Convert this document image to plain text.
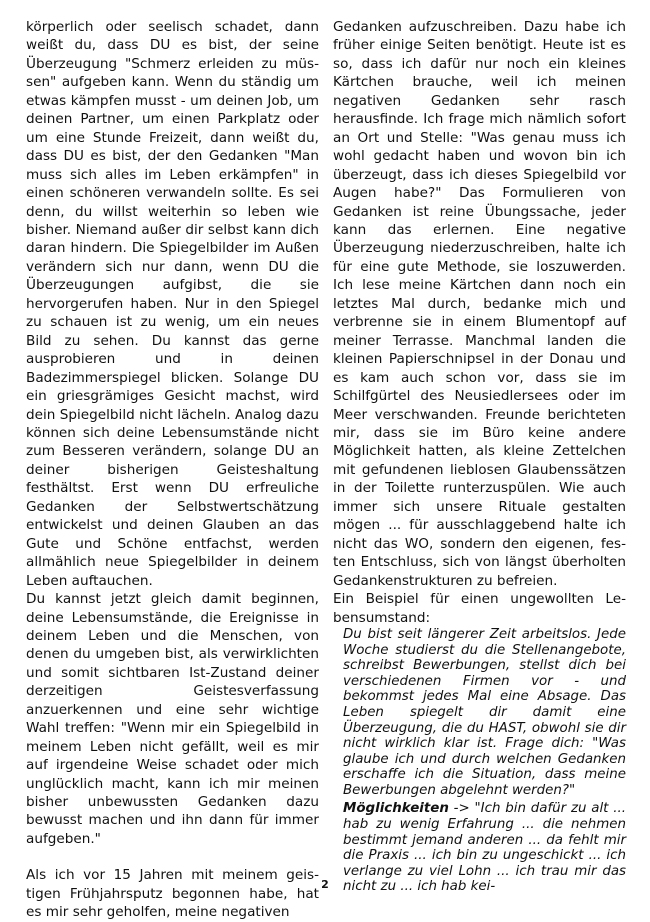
körperlich oder seelisch schadet, dann weißt du, dass DU es bist, der seine Überzeugung "Schmerz erleiden zu müssen" aufgeben kann. Wenn du ständig um etwas kämpfen musst - um deinen Job, um deinen Partner, um einen Parkplatz oder um eine Stunde Freizeit, dann weißt du, dass DU es bist, der den Gedanken "Man muss sich alles im Leben erkämpfen" in einen schöneren verwandeln sollte. Es sei denn, du willst weiterhin so leben wie bisher. Niemand außer dir selbst kann dich daran hindern. Die Spiegelbilder im Außen verändern sich nur dann, wenn DU die Überzeugungen aufgibst, die sie hervorgerufen haben. Nur in den Spiegel zu schauen ist zu wenig, um ein neues Bild zu sehen. Du kannst das gerne ausprobieren und in deinen Badezimmerspiegel blicken. Solange DU ein griesgrämiges Gesicht machst, wird dein Spiegelbild nicht lächeln. Analog dazu können sich deine Lebensumstände nicht zum Besseren verändern, solange DU an deiner bisherigen Geisteshaltung festhältst. Erst wenn DU erfreuliche Gedanken der Selbstwertschätzung entwickelst und deinen Glauben an das Gute und Schöne entfachst, werden allmählich neue Spiegelbilder in deinem Leben auftauchen.

Du kannst jetzt gleich damit beginnen, deine Lebensumstände, die Ereignisse in deinem Leben und die Menschen, von denen du umgeben bist, als verwirklichten und somit sichtbaren Ist-Zustand deiner derzeitigen Geistesverfassung anzuerkennen und eine sehr wichtige Wahl treffen: "Wenn mir ein Spiegelbild in meinem Leben nicht gefällt, weil es mir auf irgendeine Weise schadet oder mich unglücklich macht, kann ich mir meinen bisher unbewussten Gedanken dazu bewusst machen und ihn dann für immer aufgeben."

Als ich vor 15 Jahren mit meinem geistigen Frühjahrsputz begonnen habe, hat es mir sehr geholfen, meine negativen

Gedanken aufzuschreiben. Dazu habe ich früher einige Seiten benötigt. Heute ist es so, dass ich dafür nur noch ein kleines Kärtchen brauche, weil ich meinen negativen Gedanken sehr rasch herausfinde. Ich frage mich nämlich sofort an Ort und Stelle: "Was genau muss ich wohl gedacht haben und wovon bin ich überzeugt, dass ich dieses Spiegelbild vor Augen habe?" Das Formulieren von Gedanken ist reine Übungssache, jeder kann das erlernen. Eine negative Überzeugung niederzuschreiben, halte ich für eine gute Methode, sie loszuwerden. Ich lese meine Kärtchen dann noch ein letztes Mal durch, bedanke mich und verbrenne sie in einem Blumentopf auf meiner Terrasse. Manchmal landen die kleinen Papierschnipsel in der Donau und es kam auch schon vor, dass sie im Schilfgürtel des Neusiedlersees oder im Meer verschwanden. Freunde berichteten mir, dass sie im Büro keine andere Möglichkeit hatten, als kleine Zettelchen mit gefundenen lieblosen Glaubenssätzen in der Toilette runterzuspülen. Wie auch immer sich unsere Rituale gestalten mögen ... für ausschlaggebend halte ich nicht das WO, sondern den eigenen, festen Entschluss, sich von längst überholten Gedankenstrukturen zu befreien.

Ein Beispiel für einen ungewollten Lebensumstand:

Du bist seit längerer Zeit arbeitslos. Jede Woche studierst du die Stellenangebote, schreibst Bewerbungen, stellst dich bei verschiedenen Firmen vor - und bekommst jedes Mal eine Absage. Das Leben spiegelt dir damit eine Überzeugung, die du HAST, obwohl sie dir nicht wirklich klar ist. Frage dich: "Was glaube ich und durch welchen Gedanken erschaffe ich die Situation, dass meine Bewerbungen abgelehnt werden?"

Möglichkeiten -> "Ich bin dafür zu alt ... hab zu wenig Erfahrung ... die nehmen bestimmt jemand anderen ... da fehlt mir die Praxis ... ich bin zu ungeschickt ... ich verlange zu viel Lohn ... ich trau mir das nicht zu ... ich hab kei-

2
